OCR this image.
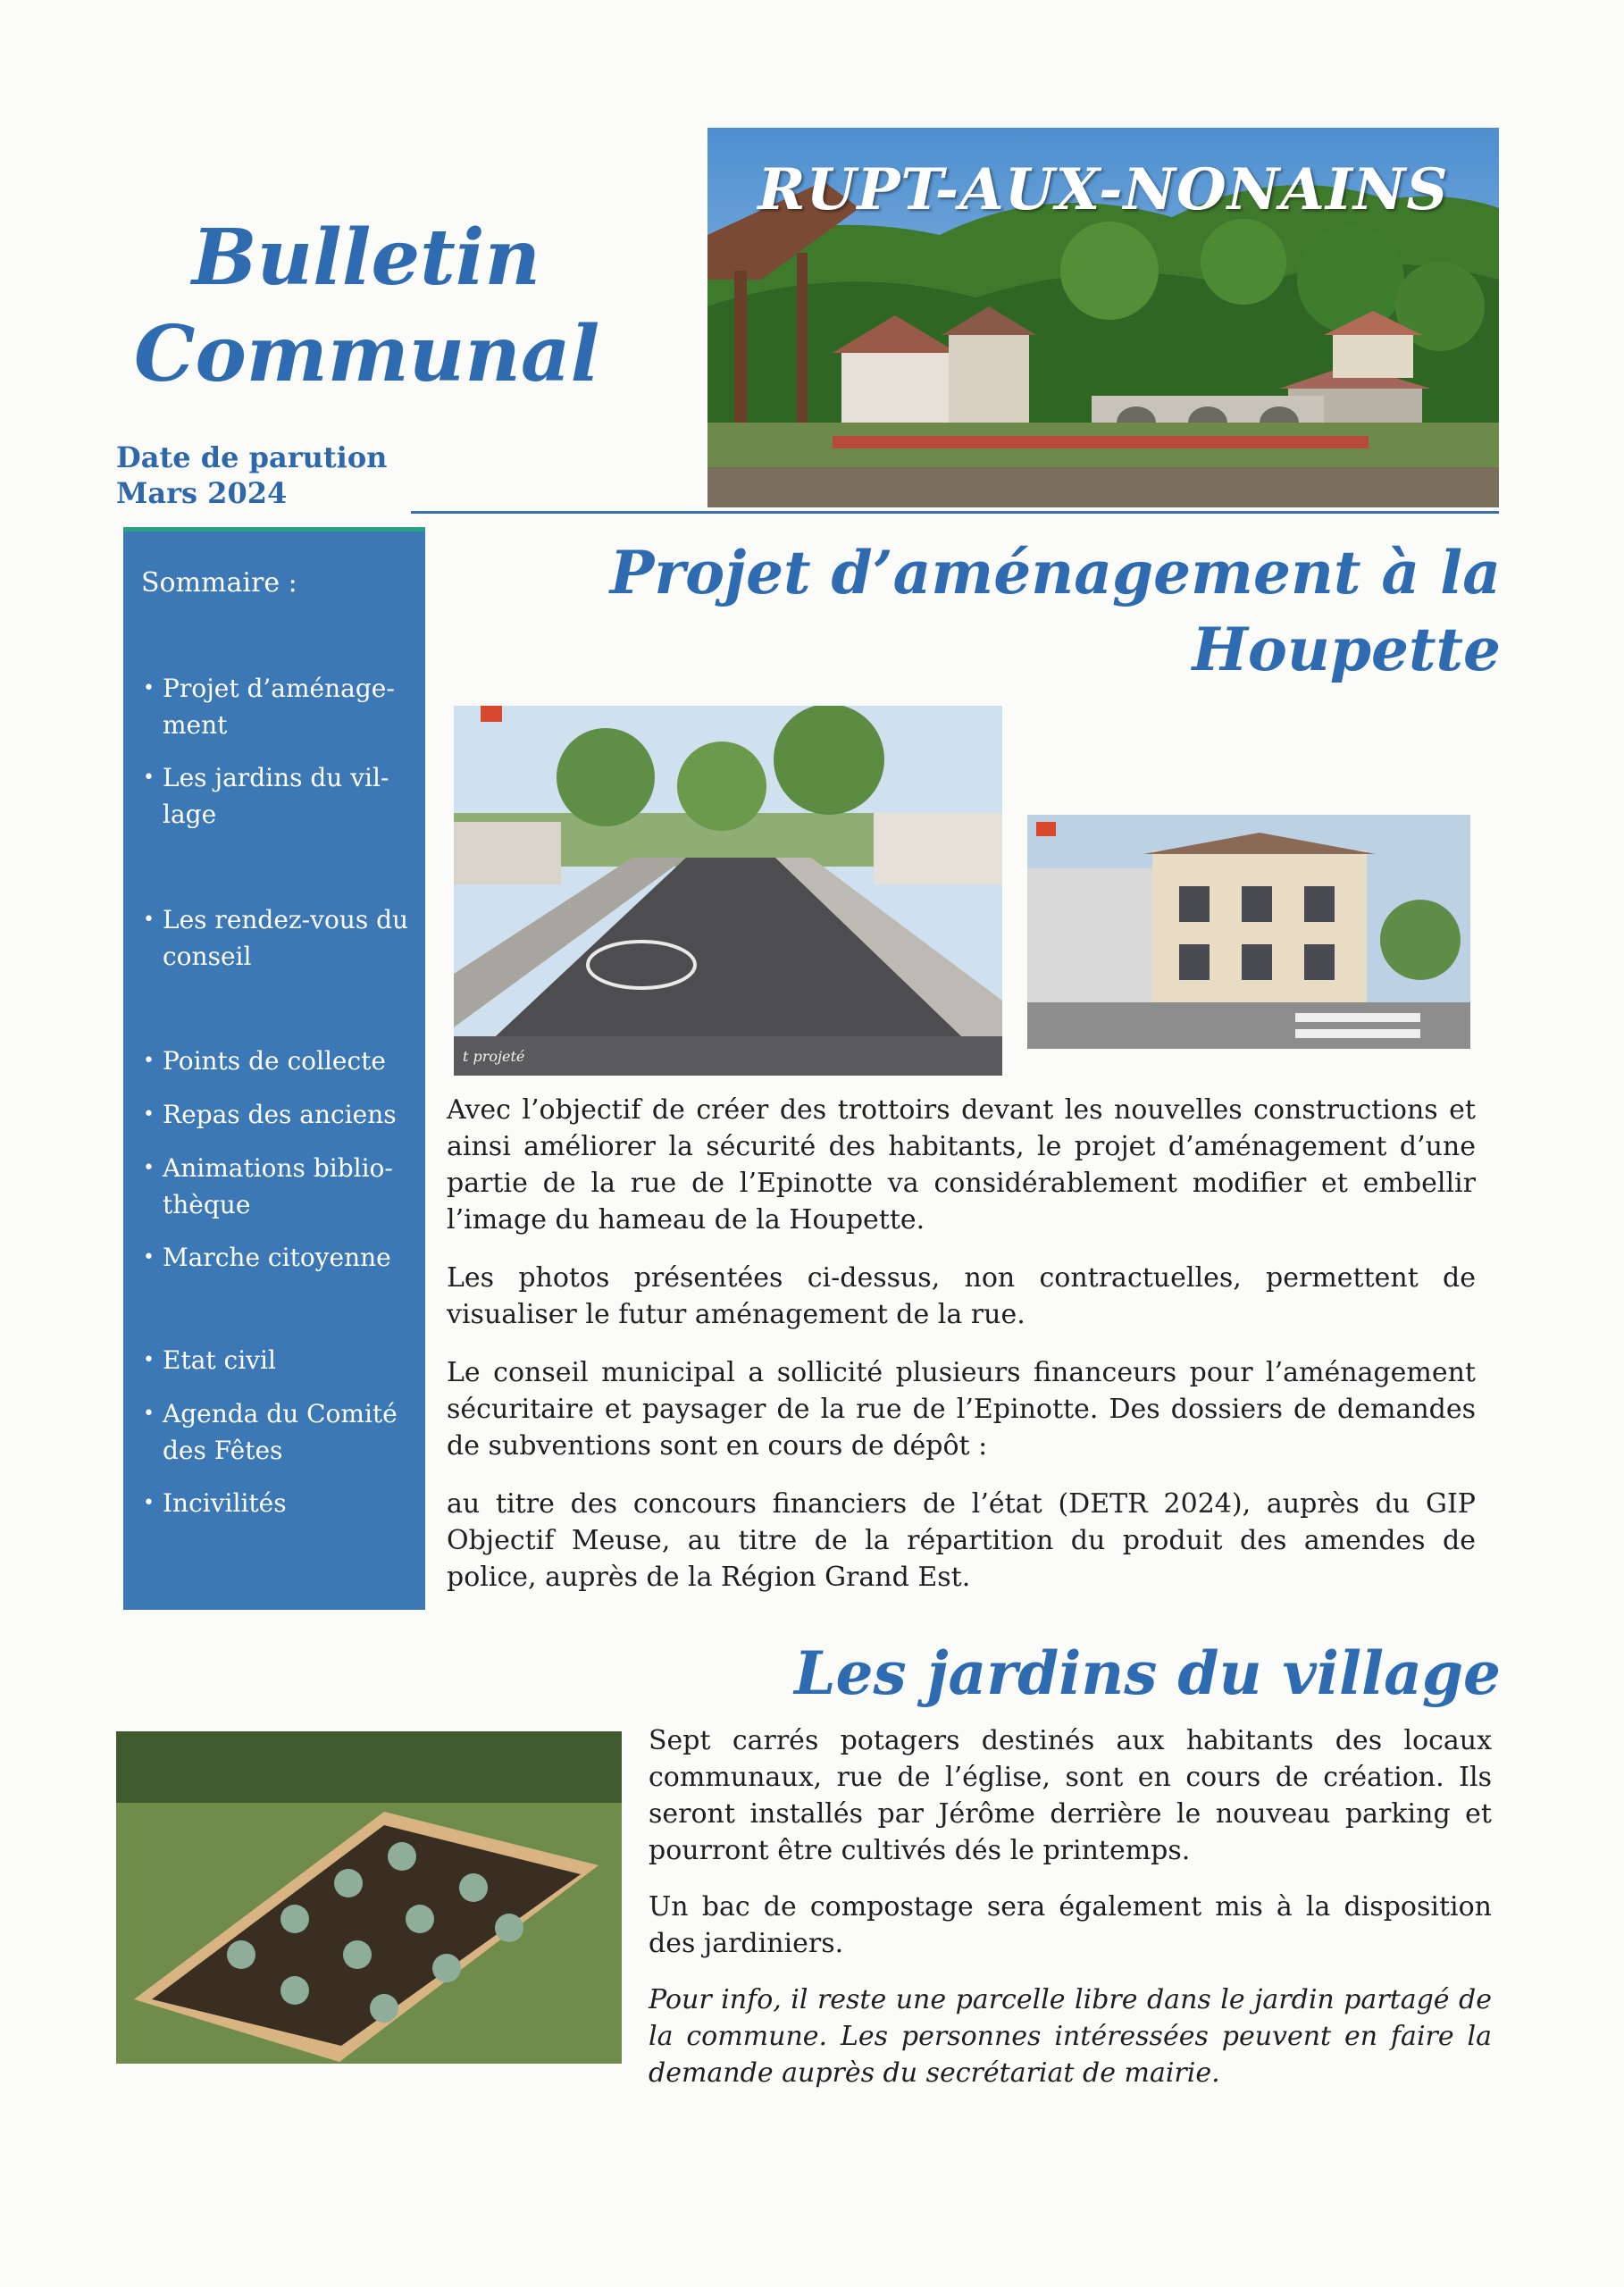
Bulletin
Communal
Date de parution
Mars 2024
RUPT-AUX-NONAINS
Sommaire :
• Projet d’aménage-ment
• Les jardins du vil-lage
• Les rendez-vous du conseil
• Points de collecte
• Repas des anciens
• Animations biblio-thèque
• Marche citoyenne
• Etat civil
• Agenda du Comité des Fêtes
• Incivilités
Projet d’aménagement à la Houpette
t projeté

Avec l’objectif de créer des trottoirs devant les nouvelles constructions et ainsi améliorer la sécurité des habitants, le projet d’aménagement d’une partie de la rue de l’Epinotte va considérablement modifier et embellir l’image du hameau de la Houpette.

Les photos présentées ci-dessus, non contractuelles, permettent de visualiser le futur aménagement de la rue.

Le conseil municipal a sollicité plusieurs financeurs pour l’aménagement sécuritaire et paysager de la rue de l’Epinotte. Des dossiers de demandes de subventions sont en cours de dépôt :

au titre des concours financiers de l’état (DETR 2024), auprès du GIP Objectif Meuse, au titre de la répartition du produit des amendes de police, auprès de la Région Grand Est.

Les jardins du village

Sept carrés potagers destinés aux habitants des locaux communaux, rue de l’église, sont en cours de création. Ils seront installés par Jérôme derrière le nouveau parking et pourront être cultivés dés le printemps.

Un bac de compostage sera également mis à la disposition des jardiniers.

Pour info, il reste une parcelle libre dans le jardin partagé de la commune. Les personnes intéressées peuvent en faire la demande auprès du secrétariat de mairie.
